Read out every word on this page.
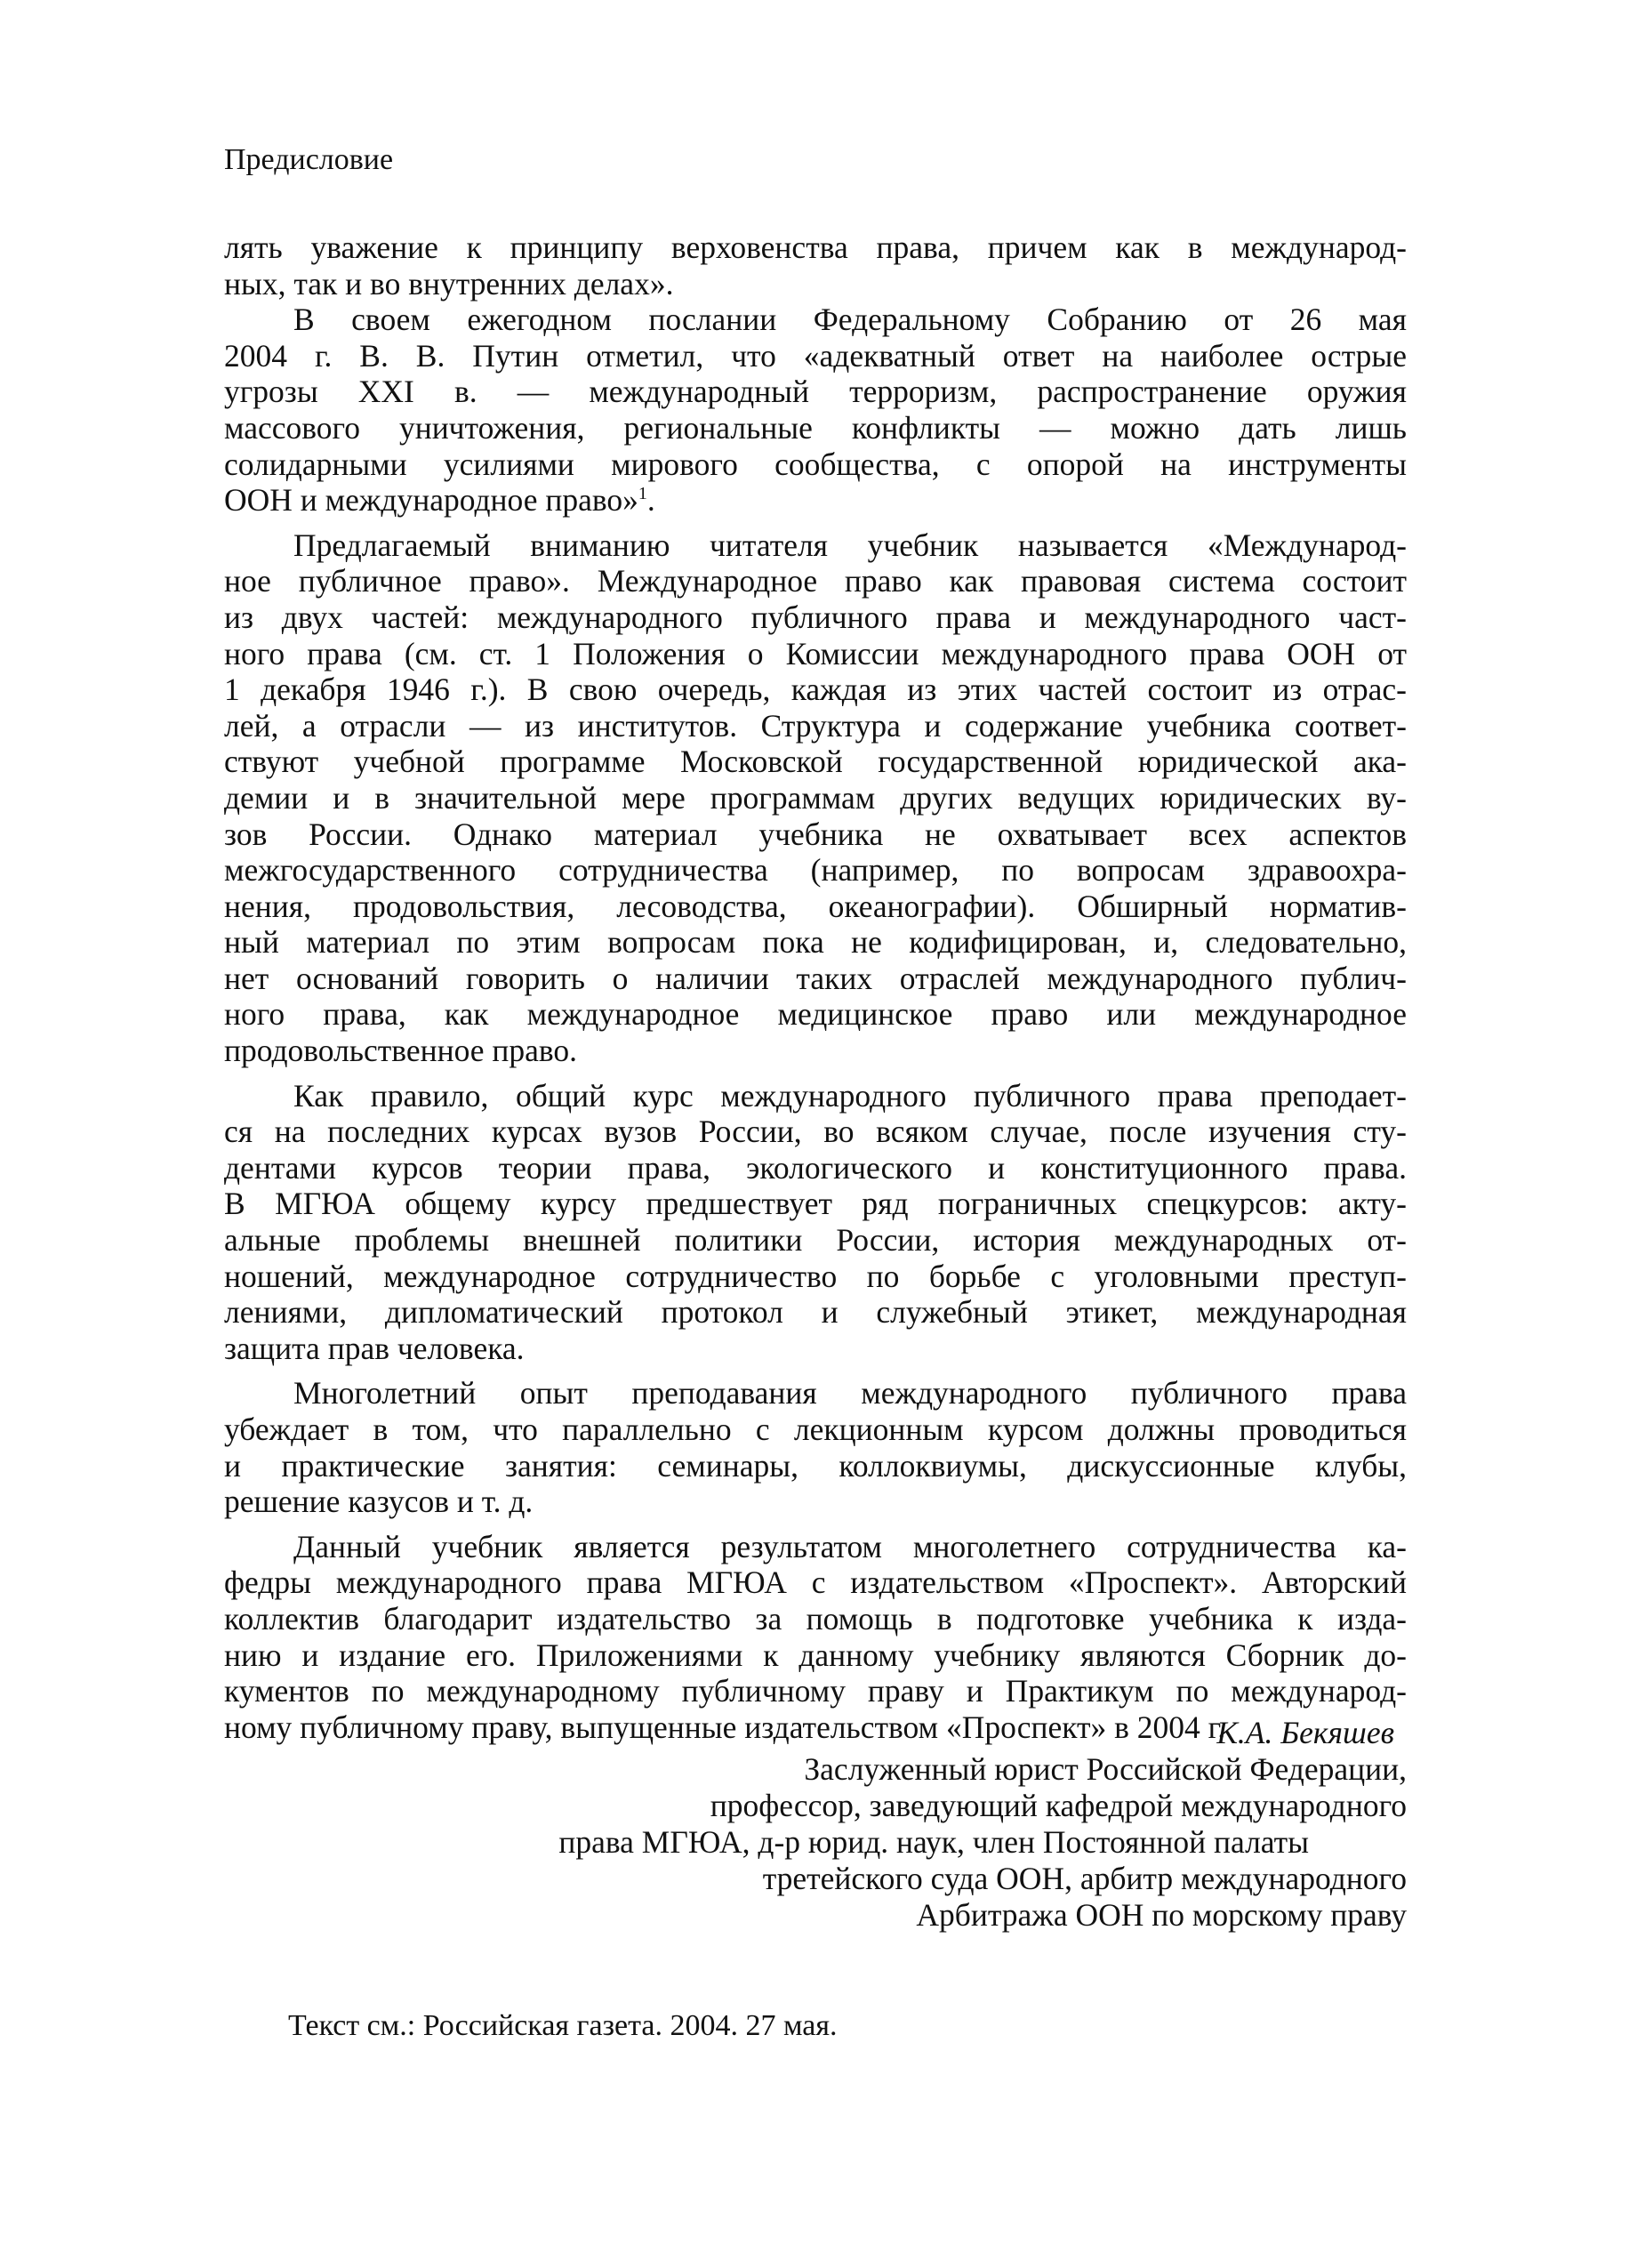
Предисловие
лять уважение к принципу верховенства права, причем как в международ-
ных, так и во внутренних делах».
В своем ежегодном послании Федеральному Собранию от 26 мая
2004 г. В. В. Путин отметил, что «адекватный ответ на наиболее острые
угрозы XXI в. — международный терроризм, распространение оружия
массового уничтожения, региональные конфликты — можно дать лишь
солидарными усилиями мирового сообщества, с опорой на инструменты
ООН и международное право»$^1$.
Предлагаемый вниманию читателя учебник называется «Международ-
ное публичное право». Международное право как правовая система состоит
из двух частей: международного публичного права и международного част-
ного права (см. ст. 1 Положения о Комиссии международного права ООН от
1 декабря 1946 г.). В свою очередь, каждая из этих частей состоит из отрас-
лей, а отрасли — из институтов. Структура и содержание учебника соответ-
ствуют учебной программе Московской государственной юридической ака-
демии и в значительной мере программам других ведущих юридических ву-
зов России. Однако материал учебника не охватывает всех аспектов
межгосударственного сотрудничества (например, по вопросам здравоохра-
нения, продовольствия, лесоводства, океанографии). Обширный норматив-
ный материал по этим вопросам пока не кодифицирован, и, следовательно,
нет оснований говорить о наличии таких отраслей международного публич-
ного права, как международное медицинское право или международное
продовольственное право.
Как правило, общий курс международного публичного права преподает-
ся на последних курсах вузов России, во всяком случае, после изучения сту-
дентами курсов теории права, экологического и конституционного права.
В МГЮА общему курсу предшествует ряд пограничных спецкурсов: акту-
альные проблемы внешней политики России, история международных от-
ношений, международное сотрудничество по борьбе с уголовными преступ-
лениями, дипломатический протокол и служебный этикет, международная
защита прав человека.
Многолетний опыт преподавания международного публичного права
убеждает в том, что параллельно с лекционным курсом должны проводиться
и практические занятия: семинары, коллоквиумы, дискуссионные клубы,
решение казусов и т. д.
Данный учебник является результатом многолетнего сотрудничества ка-
федры международного права МГЮА с издательством «Проспект». Авторский
коллектив благодарит издательство за помощь в подготовке учебника к изда-
нию и издание его. Приложениями к данному учебнику являются Сборник до-
кументов по международному публичному праву и Практикум по международ-
ному публичному праву, выпущенные издательством «Проспект» в 2004 г.
К.А. Бекяшев
Заслуженный юрист Российской Федерации,
профессор, заведующий кафедрой международного
права МГЮА, д-р юрид. наук, член Постоянной палаты
третейского суда ООН, арбитр международного
Арбитража ООН по морскому праву
Текст см.: Российская газета. 2004. 27 мая.
